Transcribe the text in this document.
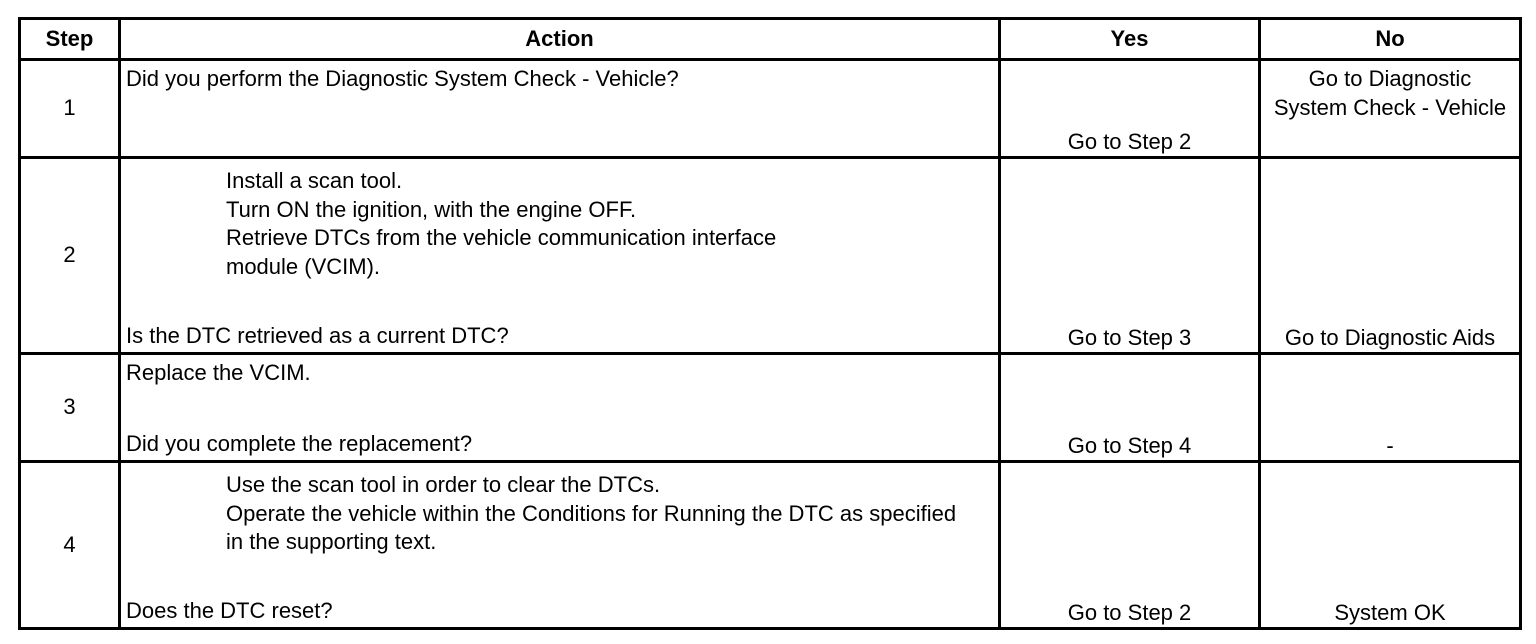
Step	Action	Yes	No
1	Did you perform the Diagnostic System Check - Vehicle?	Go to Step 2	Go to Diagnostic System Check - Vehicle

2	Install a scan tool.
Turn ON the ignition, with the engine OFF.
Retrieve DTCs from the vehicle communication interface module (VCIM).
Is the DTC retrieved as a current DTC?	Go to Step 3	Go to Diagnostic Aids
3	Replace the VCIM.
Did you complete the replacement?	Go to Step 4	-
4	Use the scan tool in order to clear the DTCs.
Operate the vehicle within the Conditions for Running the DTC as specified in the supporting text.
Does the DTC reset?	Go to Step 2	System OK
